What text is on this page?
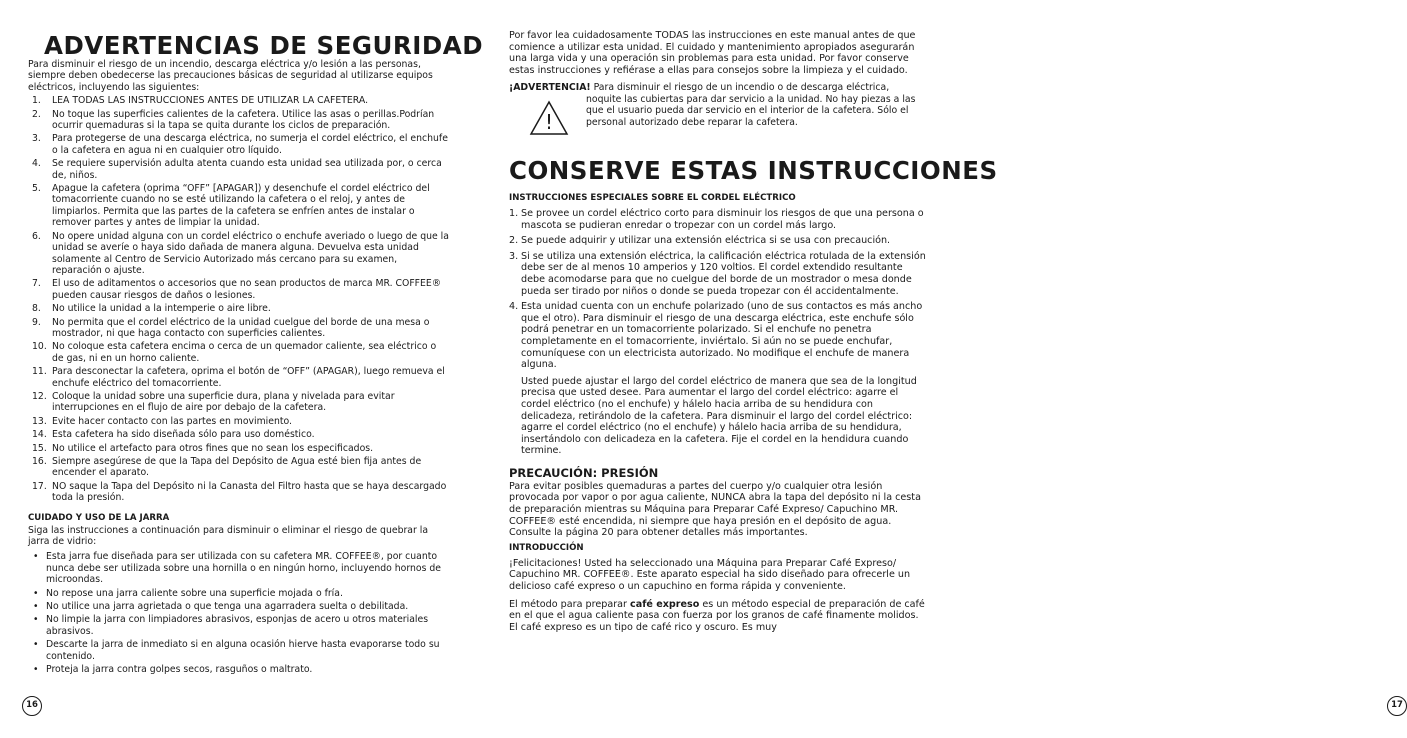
ADVERTENCIAS DE SEGURIDAD

Para disminuir el riesgo de un incendio, descarga eléctrica y/o lesión a las personas, siempre deben obedecerse las precauciones básicas de seguridad al utilizarse equipos eléctricos, incluyendo las siguientes:

1. LEA TODAS LAS INSTRUCCIONES ANTES DE UTILIZAR LA CAFETERA.
2. No toque las superficies calientes de la cafetera. Utilice las asas o perillas.Podrían ocurrir quemaduras si la tapa se quita durante los ciclos de preparación.
3. Para protegerse de una descarga eléctrica, no sumerja el cordel eléctrico, el enchufe o la cafetera en agua ni en cualquier otro líquido.
4. Se requiere supervisión adulta atenta cuando esta unidad sea utilizada por, o cerca de, niños.
5. Apague la cafetera (oprima “OFF” [APAGAR]) y desenchufe el cordel eléctrico del tomacorriente cuando no se esté utilizando la cafetera o el reloj, y antes de limpiarlos. Permita que las partes de la cafetera se enfríen antes de instalar o remover partes y antes de limpiar la unidad.
6. No opere unidad alguna con un cordel eléctrico o enchufe averiado o luego de que la unidad se averíe o haya sido dañada de manera alguna. Devuelva esta unidad solamente al Centro de Servicio Autorizado más cercano para su examen, reparación o ajuste.
7. El uso de aditamentos o accesorios que no sean productos de marca MR. COFFEE® pueden causar riesgos de daños o lesiones.
8. No utilice la unidad a la intemperie o aire libre.
9. No permita que el cordel eléctrico de la unidad cuelgue del borde de una mesa o mostrador, ni que haga contacto con superficies calientes.
10. No coloque esta cafetera encima o cerca de un quemador caliente, sea eléctrico o de gas, ni en un horno caliente.
11. Para desconectar la cafetera, oprima el botón de “OFF” (APAGAR), luego remueva el enchufe eléctrico del tomacorriente.
12. Coloque la unidad sobre una superficie dura, plana y nivelada para evitar interrupciones en el flujo de aire por debajo de la cafetera.
13. Evite hacer contacto con las partes en movimiento.
14. Esta cafetera ha sido diseñada sólo para uso doméstico.
15. No utilice el artefacto para otros fines que no sean los especificados.
16. Siempre asegúrese de que la Tapa del Depósito de Agua esté bien fija antes de encender el aparato.
17. NO saque la Tapa del Depósito ni la Canasta del Filtro hasta que se haya descargado toda la presión.
CUIDADO Y USO DE LA JARRA

Siga las instrucciones a continuación para disminuir o eliminar el riesgo de quebrar la jarra de vidrio:

• Esta jarra fue diseñada para ser utilizada con su cafetera MR. COFFEE®, por cuanto nunca debe ser utilizada sobre una hornilla o en ningún horno, incluyendo hornos de microondas.
• No repose una jarra caliente sobre una superficie mojada o fría.
• No utilice una jarra agrietada o que tenga una agarradera suelta o debilitada.
• No limpie la jarra con limpiadores abrasivos, esponjas de acero u otros materiales abrasivos.
• Descarte la jarra de inmediato si en alguna ocasión hierve hasta evaporarse todo su contenido.
• Proteja la jarra contra golpes secos, rasguños o maltrato.
16

Por favor lea cuidadosamente TODAS las instrucciones en este manual antes de que comience a utilizar esta unidad. El cuidado y mantenimiento apropiados asegurarán una larga vida y una operación sin problemas para esta unidad. Por favor conserve estas instrucciones y refiérase a ellas para consejos sobre la limpieza y el cuidado.

!

¡ADVERTENCIA! Para disminuir el riesgo de un incendio o de descarga eléctrica,

noquite las cubiertas para dar servicio a la unidad. No hay piezas a las que el usuario pueda dar servicio en el interior de la cafetera. Sólo el personal autorizado debe reparar la cafetera.

CONSERVE ESTAS INSTRUCCIONES
INSTRUCCIONES ESPECIALES SOBRE EL CORDEL ELÉCTRICO
1. Se provee un cordel eléctrico corto para disminuir los riesgos de que una persona o mascota se pudieran enredar o tropezar con un cordel más largo.
2. Se puede adquirir y utilizar una extensión eléctrica si se usa con precaución.
3. Si se utiliza una extensión eléctrica, la calificación eléctrica rotulada de la extensión debe ser de al menos 10 amperios y 120 voltios. El cordel extendido resultante debe acomodarse para que no cuelgue del borde de un mostrador o mesa donde pueda ser tirado por niños o donde se pueda tropezar con él accidentalmente.
4. Esta unidad cuenta con un enchufe polarizado (uno de sus contactos es más ancho que el otro). Para disminuir el riesgo de una descarga eléctrica, este enchufe sólo podrá penetrar en un tomacorriente polarizado. Si el enchufe no penetra completamente en el tomacorriente, inviértalo. Si aún no se puede enchufar, comuníquese con un electricista autorizado. No modifique el enchufe de manera alguna.

Usted puede ajustar el largo del cordel eléctrico de manera que sea de la longitud precisa que usted desee. Para aumentar el largo del cordel eléctrico: agarre el cordel eléctrico (no el enchufe) y hálelo hacia arriba de su hendidura con delicadeza, retirándolo de la cafetera. Para disminuir el largo del cordel eléctrico: agarre el cordel eléctrico (no el enchufe) y hálelo hacia arriba de su hendidura, insertándolo con delicadeza en la cafetera. Fije el cordel en la hendidura cuando termine.

PRECAUCIÓN: PRESIÓN

Para evitar posibles quemaduras a partes del cuerpo y/o cualquier otra lesión provocada por vapor o por agua caliente, NUNCA abra la tapa del depósito ni la cesta de preparación mientras su Máquina para Preparar Café Expreso/ Capuchino MR. COFFEE® esté encendida, ni siempre que haya presión en el depósito de agua. Consulte la página 20 para obtener detalles más importantes.

INTRODUCCIÓN

¡Felicitaciones! Usted ha seleccionado una Máquina para Preparar Café Expreso/ Capuchino MR. COFFEE®. Este aparato especial ha sido diseñado para ofrecerle un delicioso café expreso o un capuchino en forma rápida y conveniente.

El método para preparar café expreso es un método especial de preparación de café en el que el agua caliente pasa con fuerza por los granos de café finamente molidos. El café expreso es un tipo de café rico y oscuro. Es muy

17
